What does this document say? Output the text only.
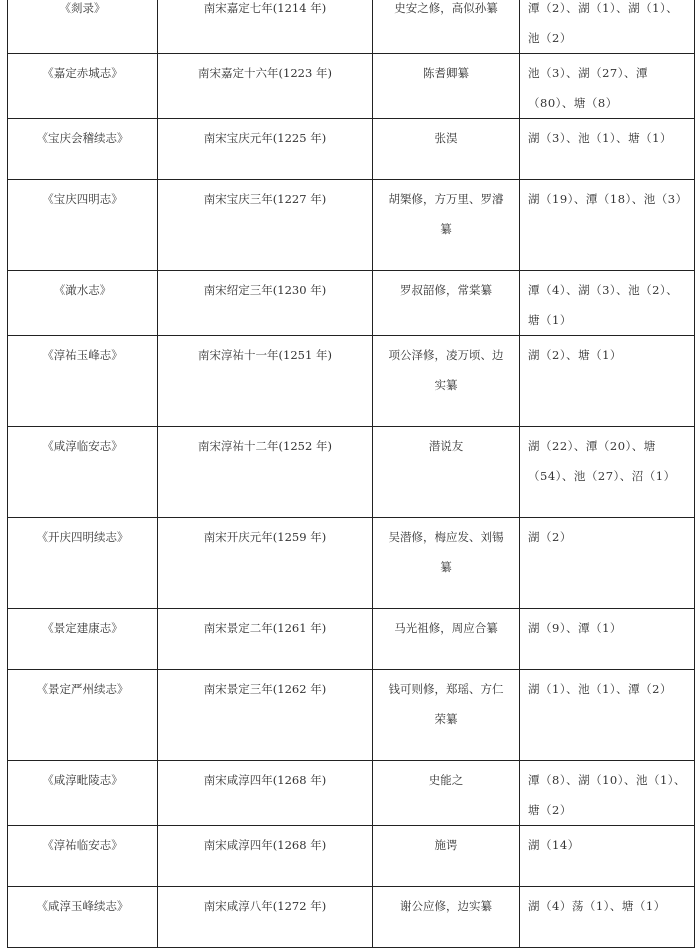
《剡录》	南宋嘉定七年(1214 年)	史安之修，高似孙纂	潭（2）、湖（1）、湖（1）、池（2）

《嘉定赤城志》	南宋嘉定十六年(1223 年)	陈耆卿纂	池（3）、湖（27）、潭（80）、塘（8）

《宝庆会稽续志》	南宋宝庆元年(1225 年)	张淏	湖（3）、池（1）、塘（1）

《宝庆四明志》	南宋宝庆三年(1227 年)	胡榘修，方万里、罗濬纂	湖（19）、潭（18）、池（3）

《澉水志》	南宋绍定三年(1230 年)	罗叔韶修，常棠纂	潭（4）、湖（3）、池（2）、塘（1）

《淳祐玉峰志》	南宋淳祐十一年(1251 年)	项公泽修，凌万顷、边实纂	湖（2）、塘（1）

《咸淳临安志》	南宋淳祐十二年(1252 年)	潜说友	湖（22）、潭（20）、塘（54）、池（27）、沼（1）

《开庆四明续志》	南宋开庆元年(1259 年)	吴潜修，梅应发、刘锡纂	湖（2）

《景定建康志》	南宋景定二年(1261 年)	马光祖修，周应合纂	湖（9）、潭（1）

《景定严州续志》	南宋景定三年(1262 年)	钱可则修，郑瑶、方仁荣纂	湖（1）、池（1）、潭（2）

《咸淳毗陵志》	南宋咸淳四年(1268 年)	史能之	潭（8）、湖（10）、池（1）、塘（2）

《淳祐临安志》	南宋咸淳四年(1268 年)	施谔	湖（14）

《咸淳玉峰续志》	南宋咸淳八年(1272 年)	谢公应修，边实纂	湖（4）荡（1）、塘（1）
